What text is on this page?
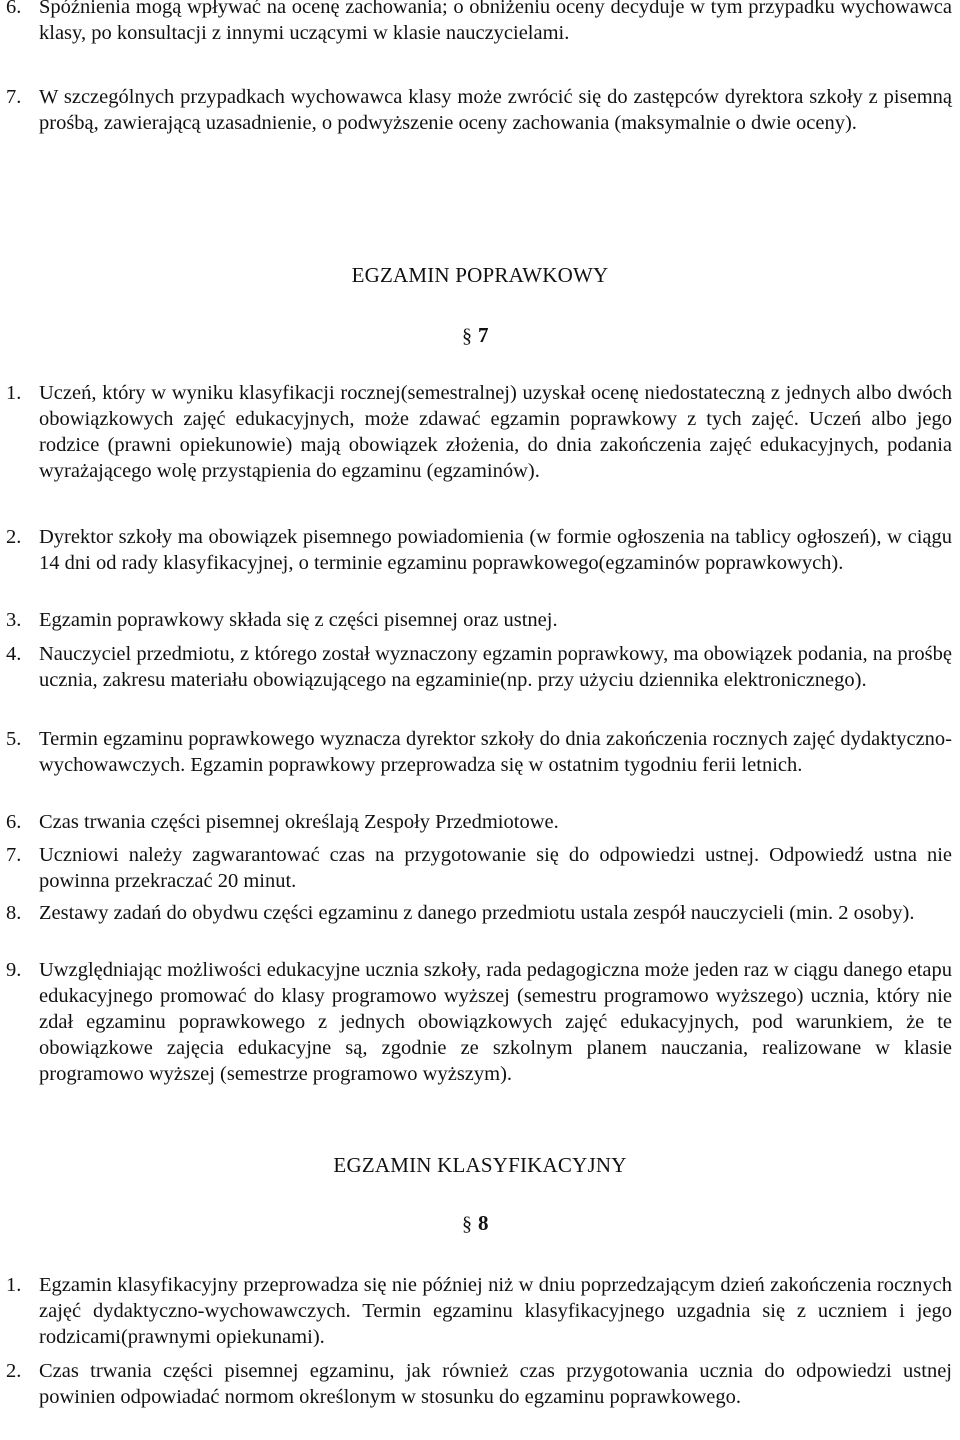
6. Spóźnienia mogą wpływać na ocenę zachowania; o obniżeniu oceny decyduje w tym przypadku wychowawca klasy, po konsultacji z innymi uczącymi w klasie nauczycielami.
7. W szczególnych przypadkach wychowawca klasy może zwrócić się do zastępców dyrektora szkoły z pisemną prośbą, zawierającą uzasadnienie, o podwyższenie oceny zachowania (maksymalnie o dwie oceny).
EGZAMIN POPRAWKOWY
§ 7
1. Uczeń, który w wyniku klasyfikacji rocznej(semestralnej) uzyskał ocenę niedostateczną z jednych albo dwóch obowiązkowych zajęć edukacyjnych, może zdawać egzamin poprawkowy z tych zajęć. Uczeń albo jego rodzice (prawni opiekunowie) mają obowiązek złożenia, do dnia zakończenia zajęć edukacyjnych, podania wyrażającego wolę przystąpienia do egzaminu (egzaminów).
2. Dyrektor szkoły ma obowiązek pisemnego powiadomienia (w formie ogłoszenia na tablicy ogłoszeń), w ciągu 14 dni od rady klasyfikacyjnej, o terminie egzaminu poprawkowego(egzaminów poprawkowych).
3. Egzamin poprawkowy składa się z części pisemnej oraz ustnej.
4. Nauczyciel przedmiotu, z którego został wyznaczony egzamin poprawkowy, ma obowiązek podania, na prośbę ucznia, zakresu materiału obowiązującego na egzaminie(np. przy użyciu dziennika elektronicznego).
5. Termin egzaminu poprawkowego wyznacza dyrektor szkoły do dnia zakończenia rocznych zajęć dydaktyczno-wychowawczych. Egzamin poprawkowy przeprowadza się w ostatnim tygodniu ferii letnich.
6. Czas trwania części pisemnej określają Zespoły Przedmiotowe.
7. Uczniowi należy zagwarantować czas na przygotowanie się do odpowiedzi ustnej. Odpowiedź ustna nie powinna przekraczać 20 minut.
8. Zestawy zadań do obydwu części egzaminu z danego przedmiotu ustala zespół nauczycieli (min. 2 osoby).
9. Uwzględniając możliwości edukacyjne ucznia szkoły, rada pedagogiczna może jeden raz w ciągu danego etapu edukacyjnego promować do klasy programowo wyższej (semestru programowo wyższego) ucznia, który nie zdał egzaminu poprawkowego z jednych obowiązkowych zajęć edukacyjnych, pod warunkiem, że te obowiązkowe zajęcia edukacyjne są, zgodnie ze szkolnym planem nauczania, realizowane w klasie programowo wyższej (semestrze programowo wyższym).
EGZAMIN KLASYFIKACYJNY
§ 8
1. Egzamin klasyfikacyjny przeprowadza się nie później niż w dniu poprzedzającym dzień zakończenia rocznych zajęć dydaktyczno-wychowawczych. Termin egzaminu klasyfikacyjnego uzgadnia się z uczniem i jego rodzicami(prawnymi opiekunami).
2. Czas trwania części pisemnej egzaminu, jak również czas przygotowania ucznia do odpowiedzi ustnej powinien odpowiadać normom określonym w stosunku do egzaminu poprawkowego.
